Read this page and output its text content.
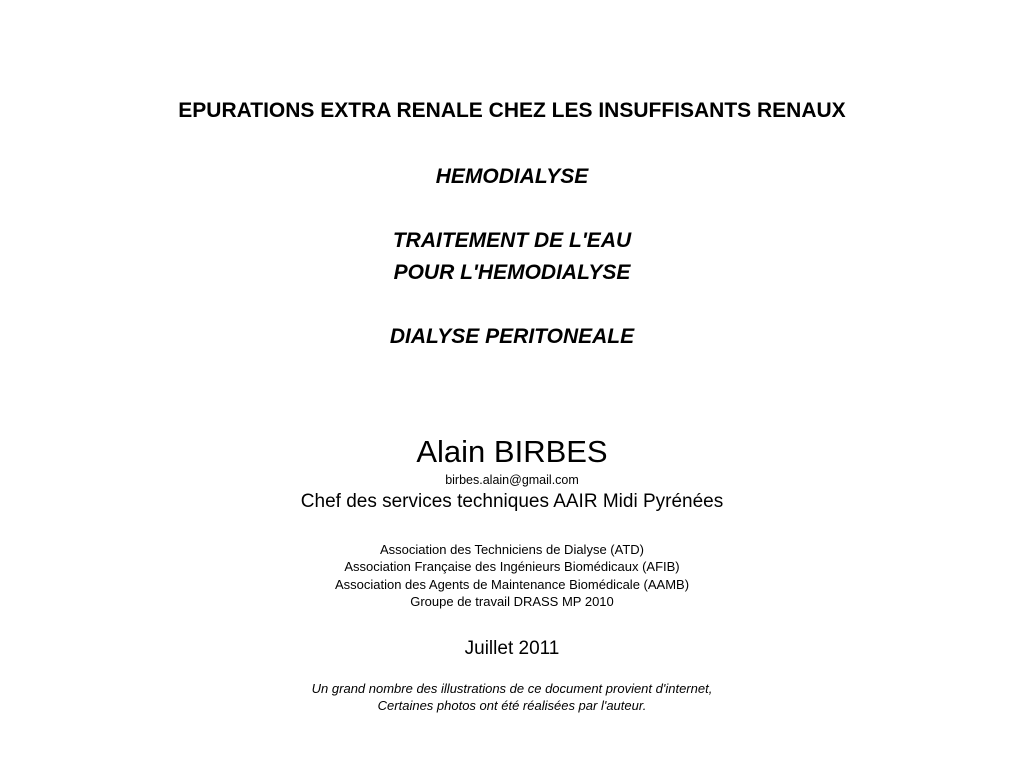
EPURATIONS EXTRA RENALE CHEZ LES INSUFFISANTS RENAUX
HEMODIALYSE
TRAITEMENT DE L'EAU
POUR L'HEMODIALYSE
DIALYSE PERITONEALE
Alain BIRBES
birbes.alain@gmail.com
Chef des services techniques AAIR Midi Pyrénées
Association des Techniciens de Dialyse (ATD)
Association Française des Ingénieurs Biomédicaux (AFIB)
Association des Agents de Maintenance Biomédicale (AAMB)
Groupe de travail DRASS MP 2010
Juillet 2011
Un grand nombre des illustrations de ce document provient d'internet,
Certaines photos ont été réalisées par l'auteur.
